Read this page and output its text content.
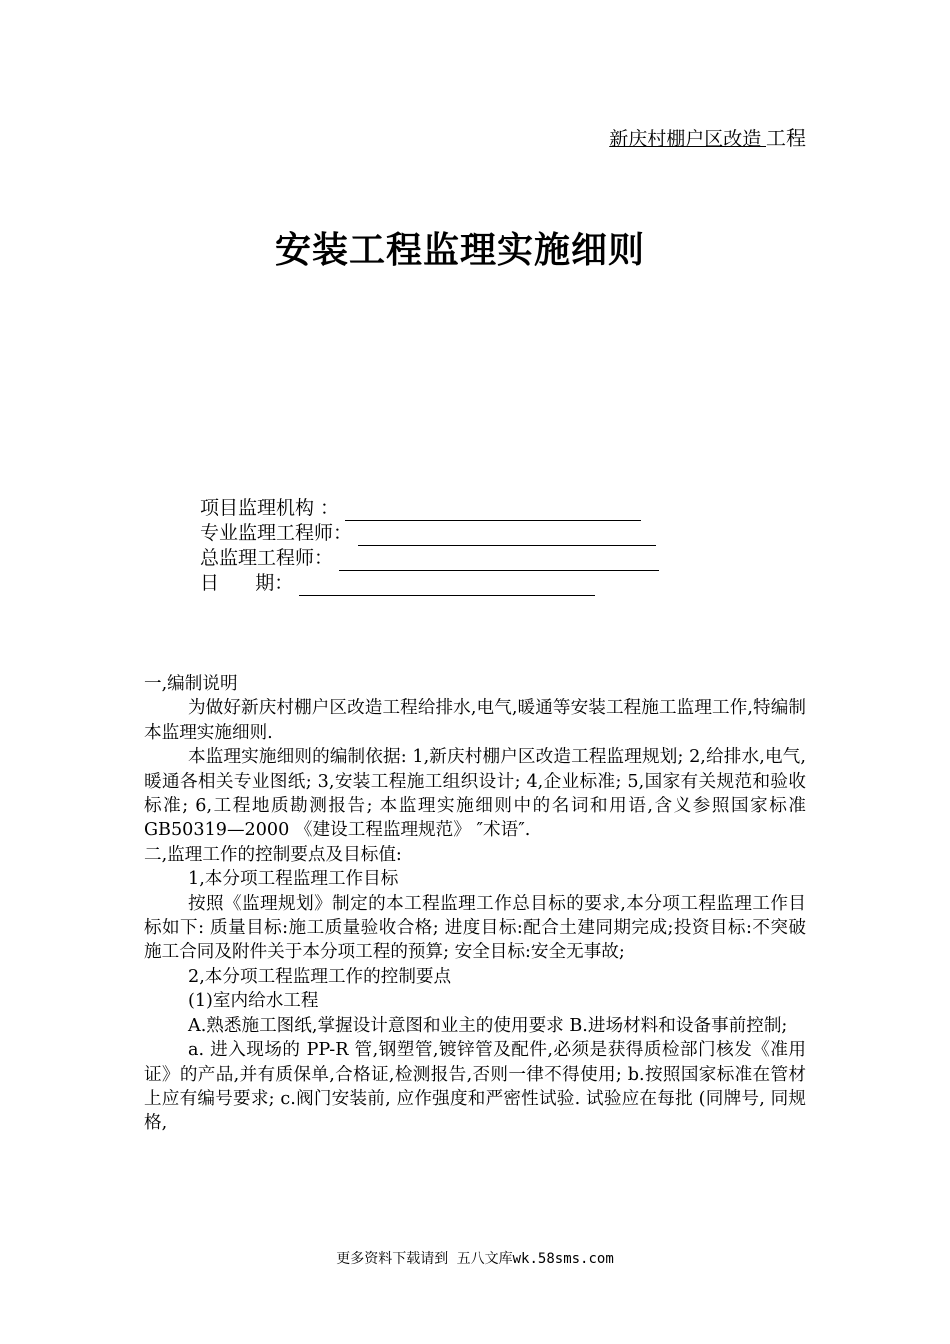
新庆村棚户区改造 工程
安装工程监理实施细则
项目监理机构 ：
专业监理工程师：
总监理工程师：
日      期：

一,编制说明

为做好新庆村棚户区改造工程给排水,电气,暖通等安装工程施工监理工作,特编制本监理实施细则.

本监理实施细则的编制依据: 1,新庆村棚户区改造工程监理规划; 2,给排水,电气,暖通各相关专业图纸; 3,安装工程施工组织设计; 4,企业标准; 5,国家有关规范和验收标准; 6,工程地质勘测报告; 本监理实施细则中的名词和用语,含义参照国家标准 GB50319—2000 《建设工程监理规范》 ″术语″.

二,监理工作的控制要点及目标值:

1,本分项工程监理工作目标

按照《监理规划》制定的本工程监理工作总目标的要求,本分项工程监理工作目标如下: 质量目标:施工质量验收合格; 进度目标:配合土建同期完成;投资目标:不突破施工合同及附件关于本分项工程的预算; 安全目标:安全无事故;

2,本分项工程监理工作的控制要点

(1)室内给水工程

A.熟悉施工图纸,掌握设计意图和业主的使用要求 B.进场材料和设备事前控制;

a. 进入现场的 PP-R 管,钢塑管,镀锌管及配件,必须是获得质检部门核发《准用证》的产品,并有质保单,合格证,检测报告,否则一律不得使用; b.按照国家标准在管材上应有编号要求; c.阀门安装前, 应作强度和严密性试验. 试验应在每批 (同牌号, 同规格,

更多资料下载请到 五八文库wk.58sms.com
